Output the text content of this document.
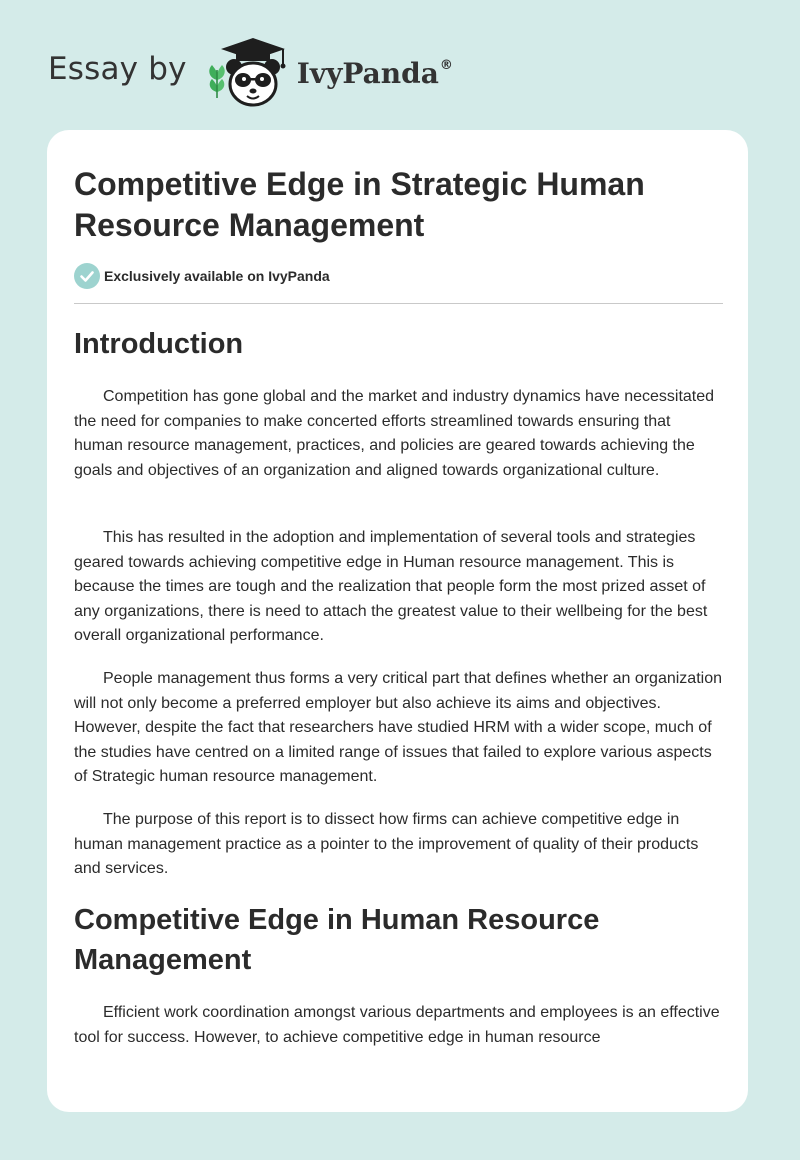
Essay by	IvyPanda®
Competitive Edge in Strategic Human Resource Management
Exclusively available on IvyPanda
Introduction

Competition has gone global and the market and industry dynamics have necessitated the need for companies to make concerted efforts streamlined towards ensuring that human resource management, practices, and policies are geared towards achieving the goals and objectives of an organization and aligned towards organizational culture.

This has resulted in the adoption and implementation of several tools and strategies geared towards achieving competitive edge in Human resource management. This is because the times are tough and the realization that people form the most prized asset of any organizations, there is need to attach the greatest value to their wellbeing for the best overall organizational performance.

People management thus forms a very critical part that defines whether an organization will not only become a preferred employer but also achieve its aims and objectives. However, despite the fact that researchers have studied HRM with a wider scope, much of the studies have centred on a limited range of issues that failed to explore various aspects of Strategic human resource management.

The purpose of this report is to dissect how firms can achieve competitive edge in human management practice as a pointer to the improvement of quality of their products and services.

Competitive Edge in Human Resource Management

Efficient work coordination amongst various departments and employees is an effective tool for success. However, to achieve competitive edge in human resource
